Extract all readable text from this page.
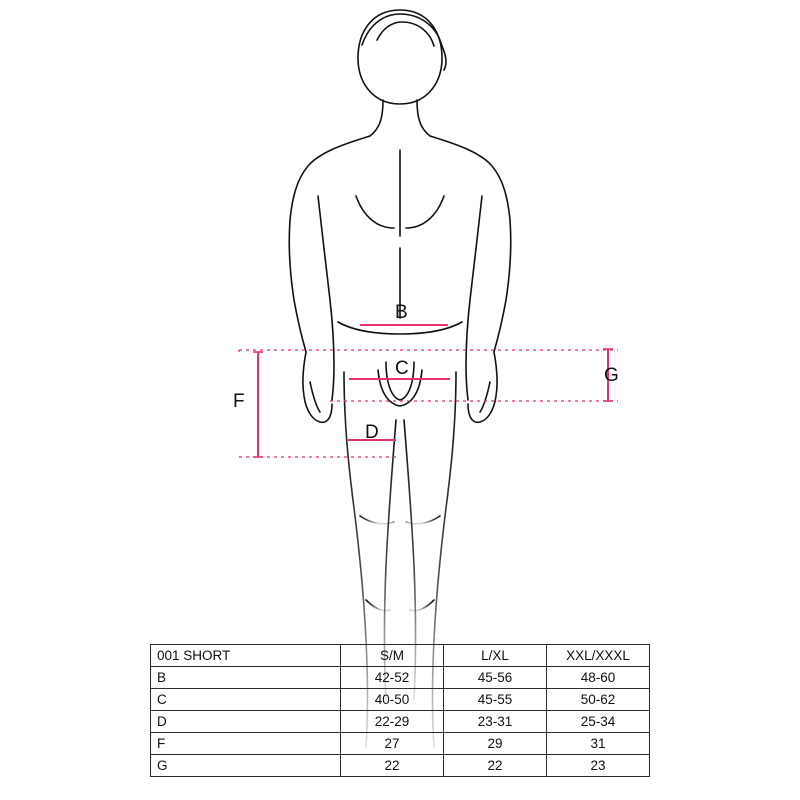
B
C
D
F
G
001 SHORT	S/M	L/XL	XXL/XXXL
B	42-52	45-56	48-60
C	40-50	45-55	50-62
D	22-29	23-31	25-34
F	27	29	31
G	22	22	23
